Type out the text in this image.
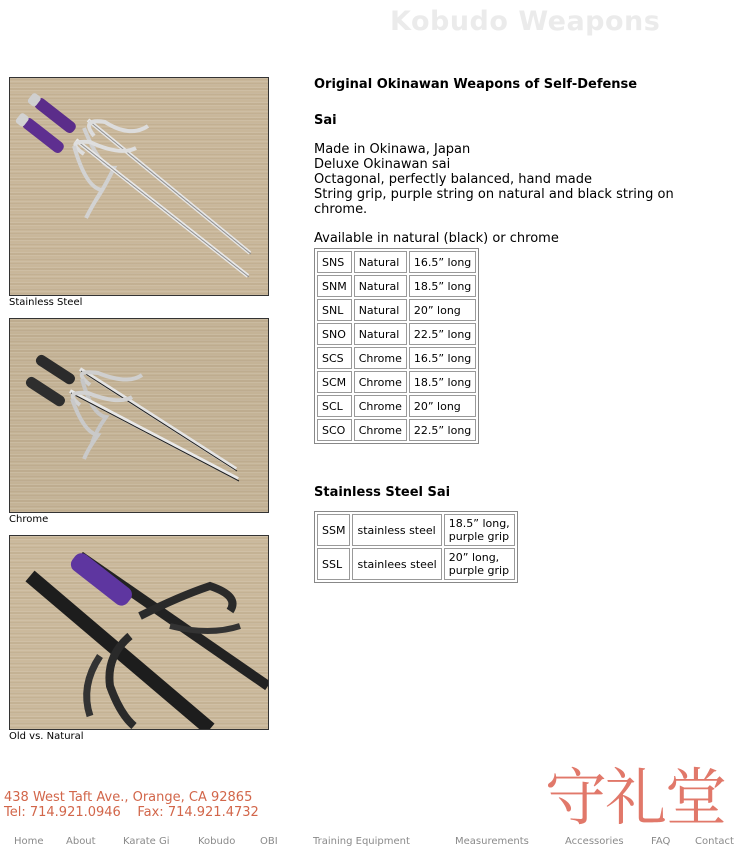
Kobudo Weapons
Stainless Steel
Chrome
Old vs. Natural
Original Okinawan Weapons of Self-Defense
Sai
Made in Okinawa, Japan
Deluxe Okinawan sai
Octagonal, perfectly balanced, hand made
String grip, purple string on natural and black string on chrome.
Available in natural (black) or chrome
SNS	Natural	16.5” long
SNM	Natural	18.5” long
SNL	Natural	20” long
SNO	Natural	22.5” long
SCS	Chrome	16.5” long
SCM	Chrome	18.5” long
SCL	Chrome	20” long
SCO	Chrome	22.5” long
Stainless Steel Sai
SSM	stainless steel	18.5” long,
purple grip

SSL	stainlees steel	20” long,
purple grip
438 West Taft Ave., Orange, CA 92865
Tel: 714.921.0946    Fax: 714.921.4732	守礼堂
Home About	Karate Gi	Kobudo OBI	Training Equipment	Measurements	Accessories	FAQ Contact
